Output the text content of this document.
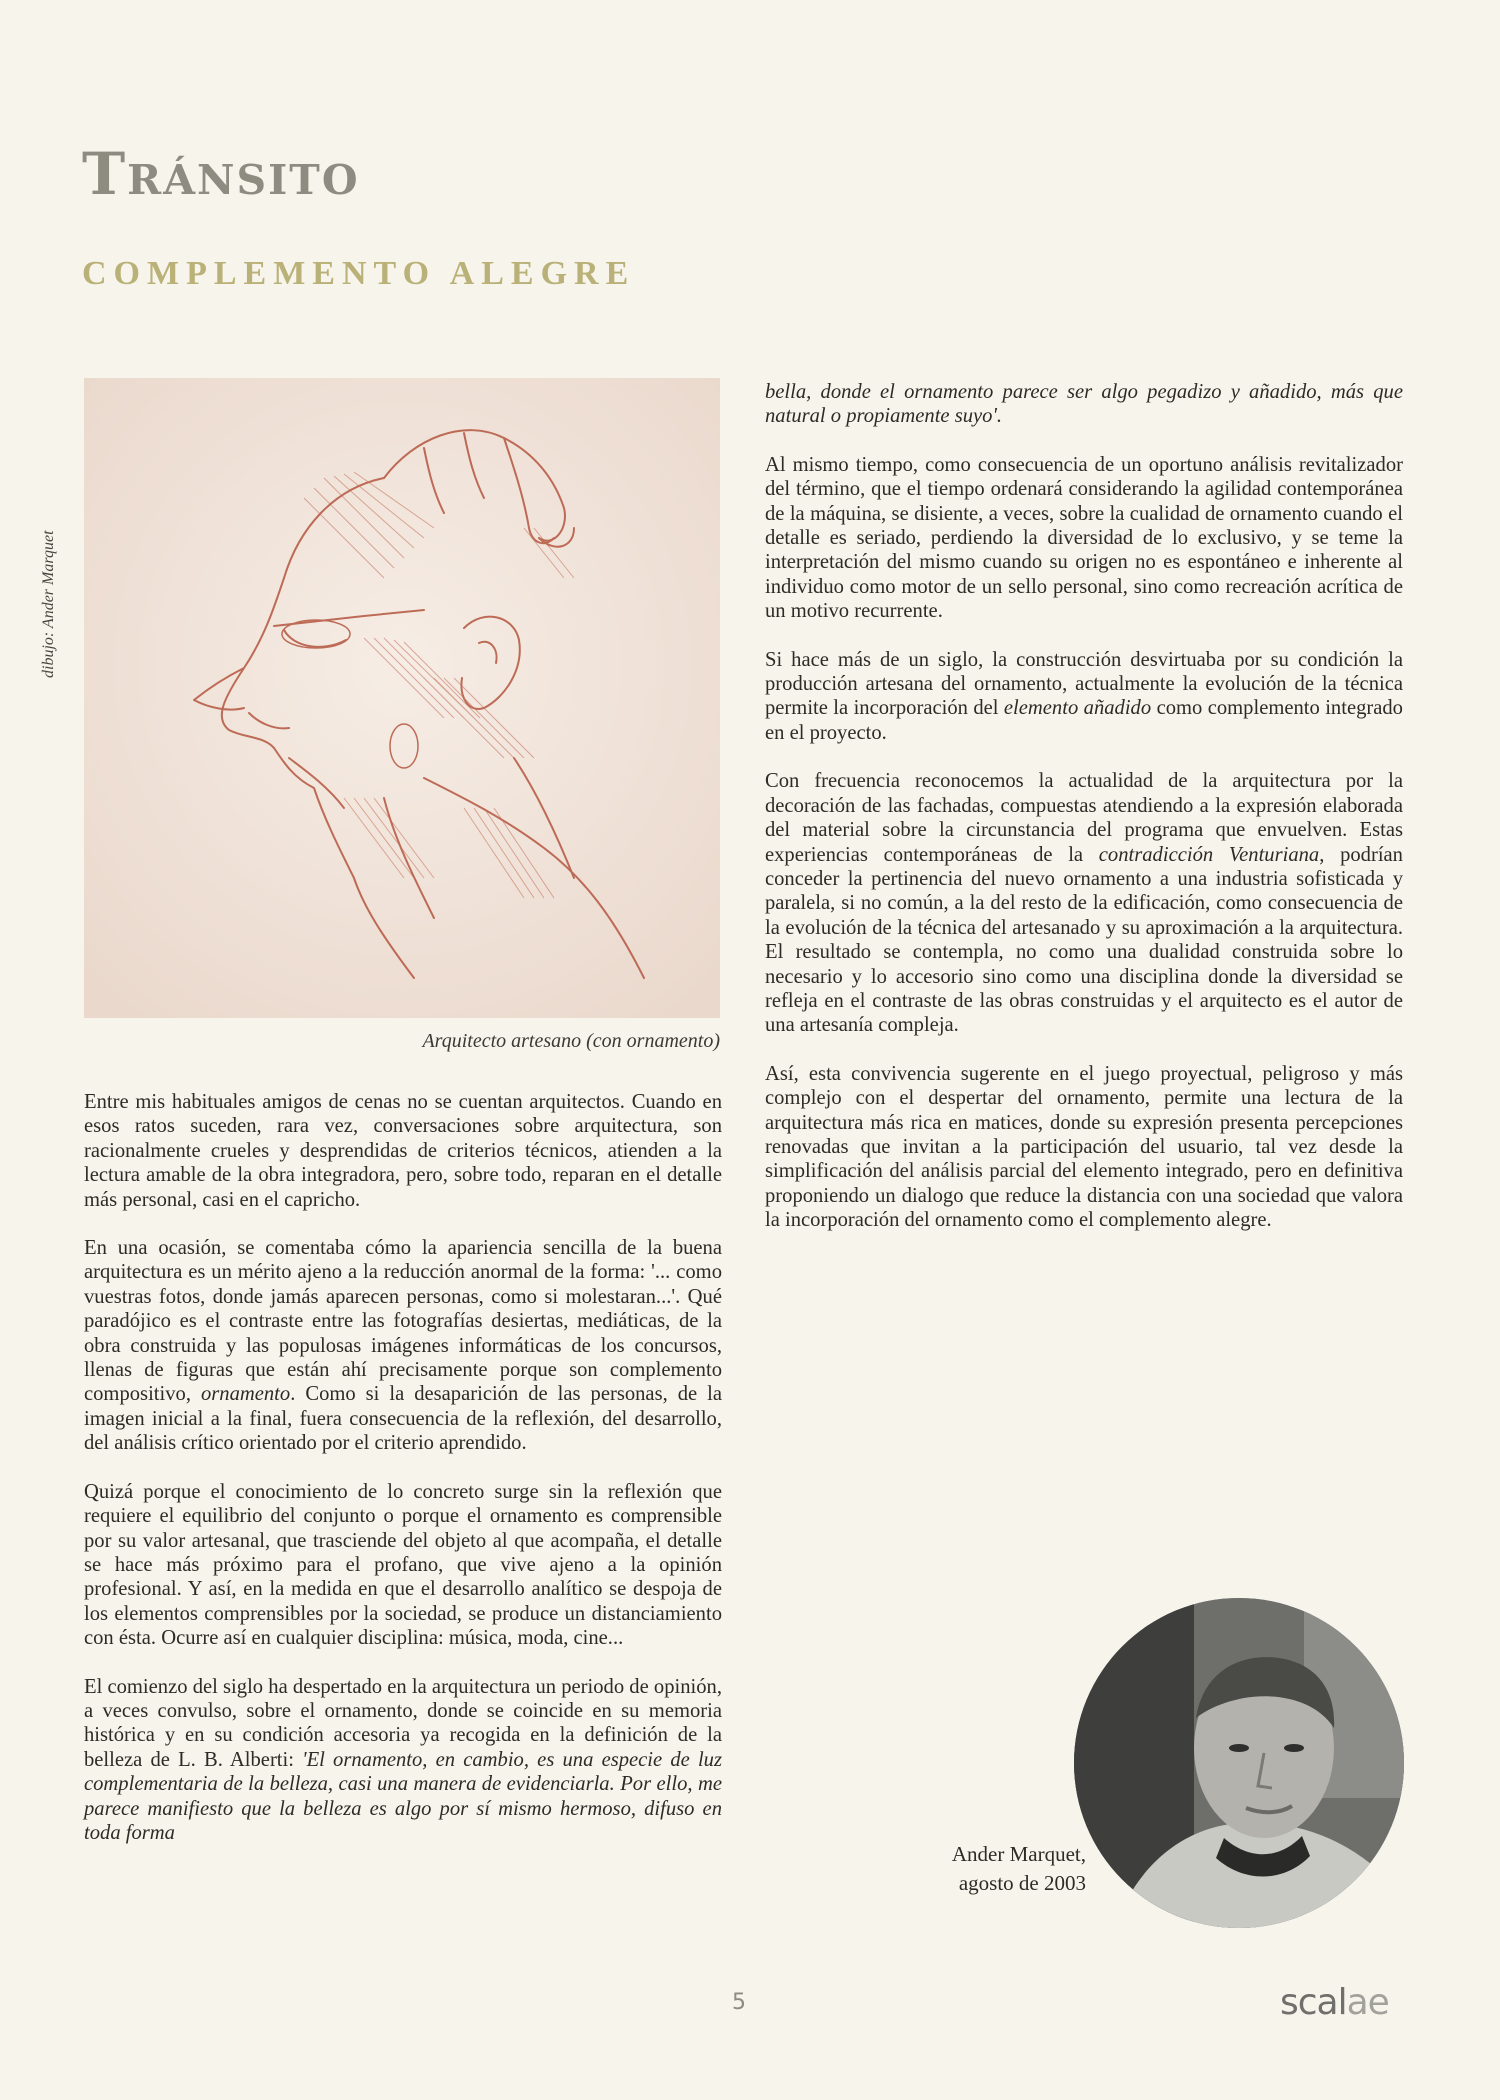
Tránsito
COMPLEMENTO ALEGRE
dibujo: Ander Marquet
Arquitecto artesano (con ornamento)

Entre mis habituales amigos de cenas no se cuentan arquitectos. Cuando en esos ratos suceden, rara vez, conversaciones sobre arquitectura, son racionalmente crueles y desprendidas de criterios técnicos, atienden a la lectura amable de la obra integradora, pero, sobre todo, reparan en el detalle más personal, casi en el capricho.

En una ocasión, se comentaba cómo la apariencia sencilla de la buena arquitectura es un mérito ajeno a la reducción anormal de la forma: '... como vuestras fotos, donde jamás aparecen personas, como si molestaran...'. Qué paradójico es el contraste entre las fotografías desiertas, mediáticas, de la obra construida y las populosas imágenes informáticas de los concursos, llenas de figuras que están ahí precisamente porque son complemento compositivo, ornamento. Como si la desaparición de las personas, de la imagen inicial a la final, fuera consecuencia de la reflexión, del desarrollo, del análisis crítico orientado por el criterio aprendido.

Quizá porque el conocimiento de lo concreto surge sin la reflexión que requiere el equilibrio del conjunto o porque el ornamento es comprensible por su valor artesanal, que trasciende del objeto al que acompaña, el detalle se hace más próximo para el profano, que vive ajeno a la opinión profesional. Y así, en la medida en que el desarrollo analítico se despoja de los elementos comprensibles por la sociedad, se produce un distanciamiento con ésta. Ocurre así en cualquier disciplina: música, moda, cine...

El comienzo del siglo ha despertado en la arquitectura un periodo de opinión, a veces convulso, sobre el ornamento, donde se coincide en su memoria histórica y en su condición accesoria ya recogida en la definición de la belleza de L. B. Alberti: 'El ornamento, en cambio, es una especie de luz complementaria de la belleza, casi una manera de evidenciarla. Por ello, me parece manifiesto que la belleza es algo por sí mismo hermoso, difuso en toda forma

bella, donde el ornamento parece ser algo pegadizo y añadido, más que natural o propiamente suyo'.

Al mismo tiempo, como consecuencia de un oportuno análisis revitalizador del término, que el tiempo ordenará considerando la agilidad contemporánea de la máquina, se disiente, a veces, sobre la cualidad de ornamento cuando el detalle es seriado, perdiendo la diversidad de lo exclusivo, y se teme la interpretación del mismo cuando su origen no es espontáneo e inherente al individuo como motor de un sello personal, sino como recreación acrítica de un motivo recurrente.

Si hace más de un siglo, la construcción desvirtuaba por su condición la producción artesana del ornamento, actualmente la evolución de la técnica permite la incorporación del elemento añadido como complemento integrado en el proyecto.

Con frecuencia reconocemos la actualidad de la arquitectura por la decoración de las fachadas, compuestas atendiendo a la expresión elaborada del material sobre la circunstancia del programa que envuelven. Estas experiencias contemporáneas de la contradicción Venturiana, podrían conceder la pertinencia del nuevo ornamento a una industria sofisticada y paralela, si no común, a la del resto de la edificación, como consecuencia de la evolución de la técnica del artesanado y su aproximación a la arquitectura. El resultado se contempla, no como una dualidad construida sobre lo necesario y lo accesorio sino como una disciplina donde la diversidad se refleja en el contraste de las obras construidas y el arquitecto es el autor de una artesanía compleja.

Así, esta convivencia sugerente en el juego proyectual, peligroso y más complejo con el despertar del ornamento, permite una lectura de la arquitectura más rica en matices, donde su expresión presenta percepciones renovadas que invitan a la participación del usuario, tal vez desde la simplificación del análisis parcial del elemento integrado, pero en definitiva proponiendo un dialogo que reduce la distancia con una sociedad que valora la incorporación del ornamento como el complemento alegre.

Ander Marquet,
agosto de 2003
5	scalae
